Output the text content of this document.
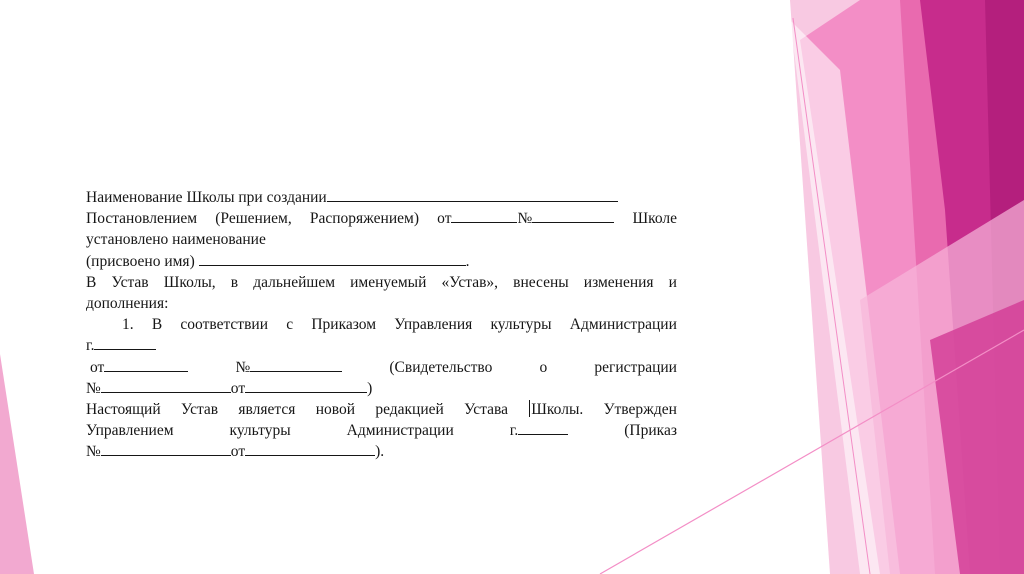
Наименование Школы при создании
Постановлением (Решением, Распоряжением) от	№	Школе
установлено наименование
(присвоено имя)	.
В Устав Школы, в дальнейшем именуемый «Устав», внесены изменения и
дополнения:
1. В соответствии с Приказом Управления культуры Администрации
г.
от	№	(Свидетельство	о	регистрации
№	от	)
Настоящий Устав является новой редакцией Устава Школы. Утвержден
Управлением	культуры	Администрации	г.	(Приказ
№	от	).
